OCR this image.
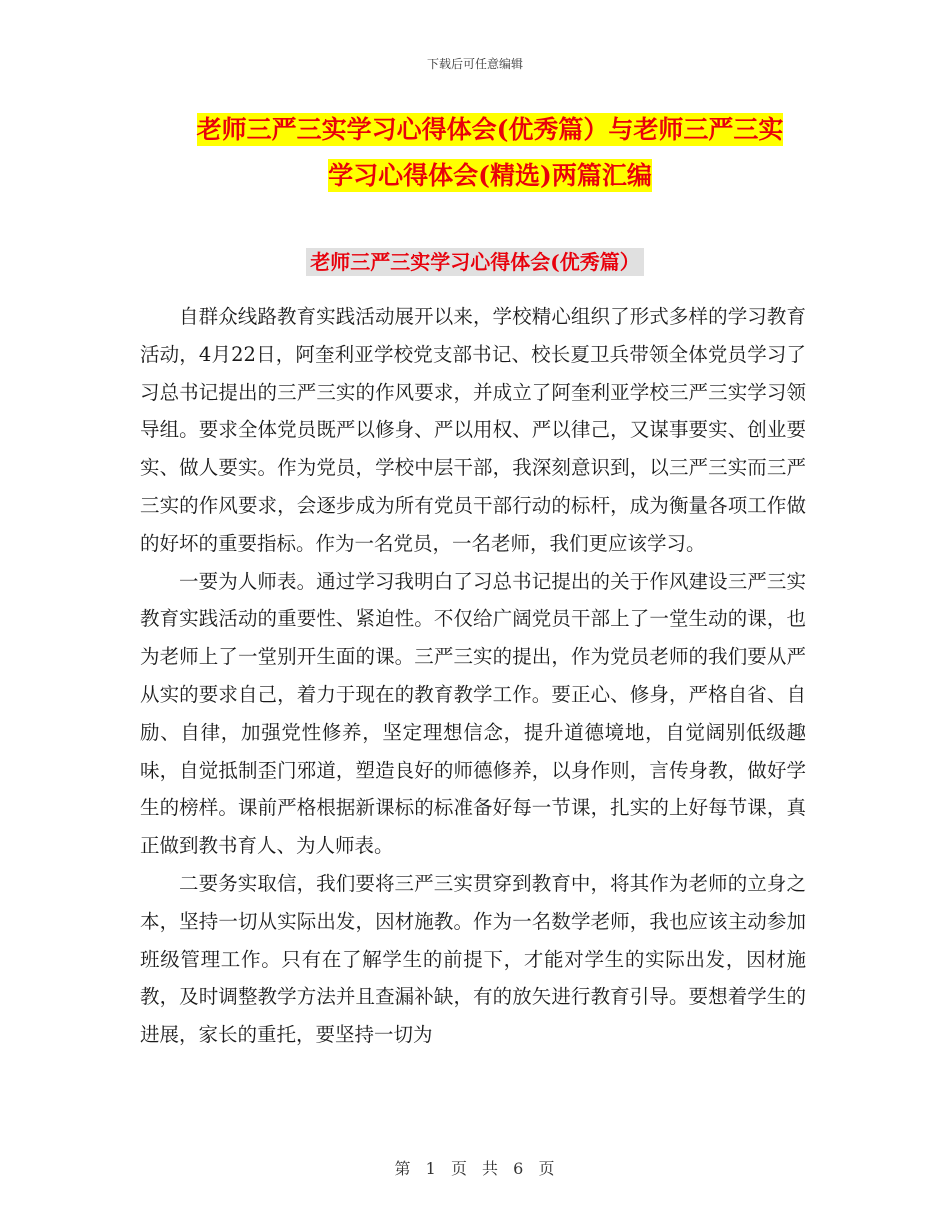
下载后可任意编辑
老师三严三实学习心得体会(优秀篇）与老师三严三实
学习心得体会(精选)两篇汇编
老师三严三实学习心得体会(优秀篇）

自群众线路教育实践活动展开以来，学校精心组织了形式多样的学习教育活动，4月22日，阿奎利亚学校党支部书记、校长夏卫兵带领全体党员学习了习总书记提出的三严三实的作风要求，并成立了阿奎利亚学校三严三实学习领导组。要求全体党员既严以修身、严以用权、严以律己，又谋事要实、创业要实、做人要实。作为党员，学校中层干部，我深刻意识到，以三严三实而三严三实的作风要求，会逐步成为所有党员干部行动的标杆，成为衡量各项工作做的好坏的重要指标。作为一名党员，一名老师，我们更应该学习。

一要为人师表。通过学习我明白了习总书记提出的关于作风建设三严三实教育实践活动的重要性、紧迫性。不仅给广阔党员干部上了一堂生动的课，也为老师上了一堂别开生面的课。三严三实的提出，作为党员老师的我们要从严从实的要求自己，着力于现在的教育教学工作。要正心、修身，严格自省、自励、自律，加强党性修养，坚定理想信念，提升道德境地，自觉阔别低级趣味，自觉抵制歪门邪道，塑造良好的师德修养，以身作则，言传身教，做好学生的榜样。课前严格根据新课标的标准备好每一节课，扎实的上好每节课，真正做到教书育人、为人师表。

二要务实取信，我们要将三严三实贯穿到教育中，将其作为老师的立身之本，坚持一切从实际出发，因材施教。作为一名数学老师，我也应该主动参加班级管理工作。只有在了解学生的前提下，才能对学生的实际出发，因材施教，及时调整教学方法并且查漏补缺，有的放矢进行教育引导。要想着学生的进展，家长的重托，要坚持一切为

第 1 页 共 6 页
